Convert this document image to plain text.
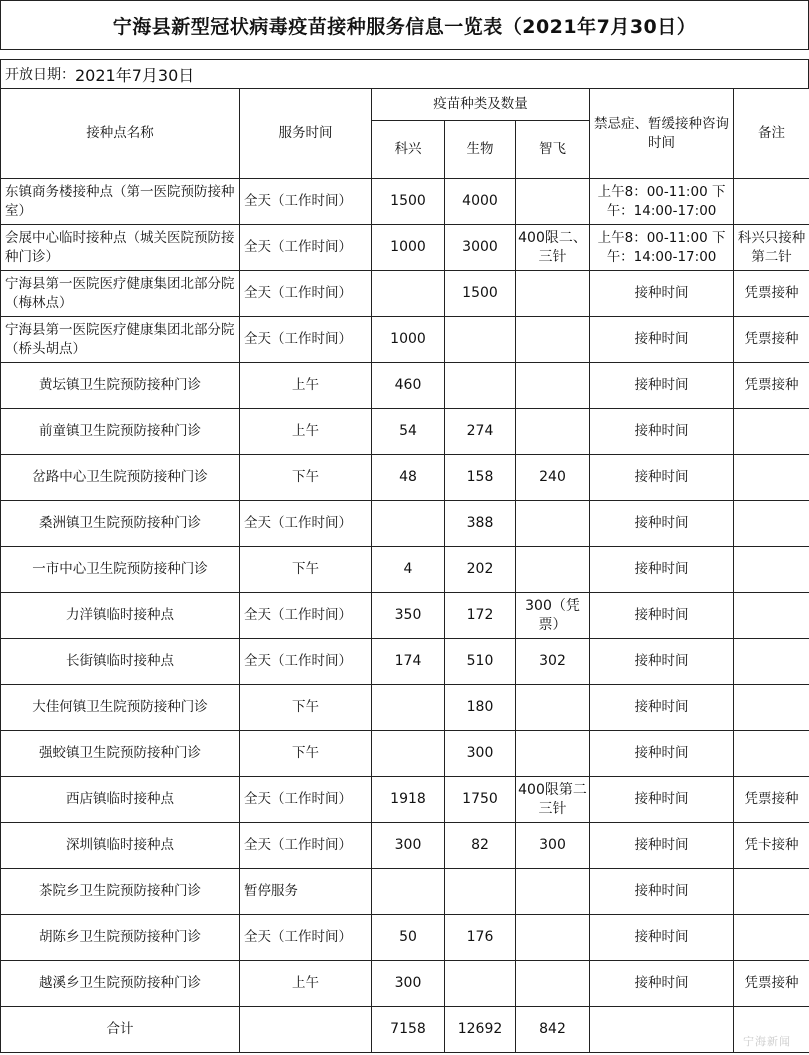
宁海县新型冠状病毒疫苗接种服务信息一览表（2021年7月30日）
开放日期： 2021年7月30日
接种点名称	服务时间	疫苗种类及数量			禁忌症、暂缓接种咨询时间	备注
		科兴	生物	智飞		
东镇商务楼接种点（第一医院预防接种室）	全天（工作时间）	1500	4000		上午8：00-11:00 下午：14:00-17:00	
会展中心临时接种点（城关医院预防接种门诊）	全天（工作时间）	1000	3000	400限二、三针	上午8：00-11:00 下午：14:00-17:00	科兴只接种第二针
宁海县第一医院医疗健康集团北部分院（梅林点）	全天（工作时间）		1500		接种时间	凭票接种
宁海县第一医院医疗健康集团北部分院（桥头胡点）	全天（工作时间）	1000			接种时间	凭票接种
黄坛镇卫生院预防接种门诊	上午	460			接种时间	凭票接种
前童镇卫生院预防接种门诊	上午	54	274		接种时间	
岔路中心卫生院预防接种门诊	下午	48	158	240	接种时间	
桑洲镇卫生院预防接种门诊	全天（工作时间）		388		接种时间	
一市中心卫生院预防接种门诊	下午	4	202		接种时间	
力洋镇临时接种点	全天（工作时间）	350	172	300（凭票）	接种时间	
长街镇临时接种点	全天（工作时间）	174	510	302	接种时间	
大佳何镇卫生院预防接种门诊	下午		180		接种时间	
强蛟镇卫生院预防接种门诊	下午		300		接种时间	
西店镇临时接种点	全天（工作时间）	1918	1750	400限第二三针	接种时间	凭票接种
深圳镇临时接种点	全天（工作时间）	300	82	300	接种时间	凭卡接种
茶院乡卫生院预防接种门诊	暂停服务				接种时间	
胡陈乡卫生院预防接种门诊	全天（工作时间）	50	176		接种时间	
越溪乡卫生院预防接种门诊	上午	300			接种时间	凭票接种
合计		7158	12692	842		
宁海新闻
